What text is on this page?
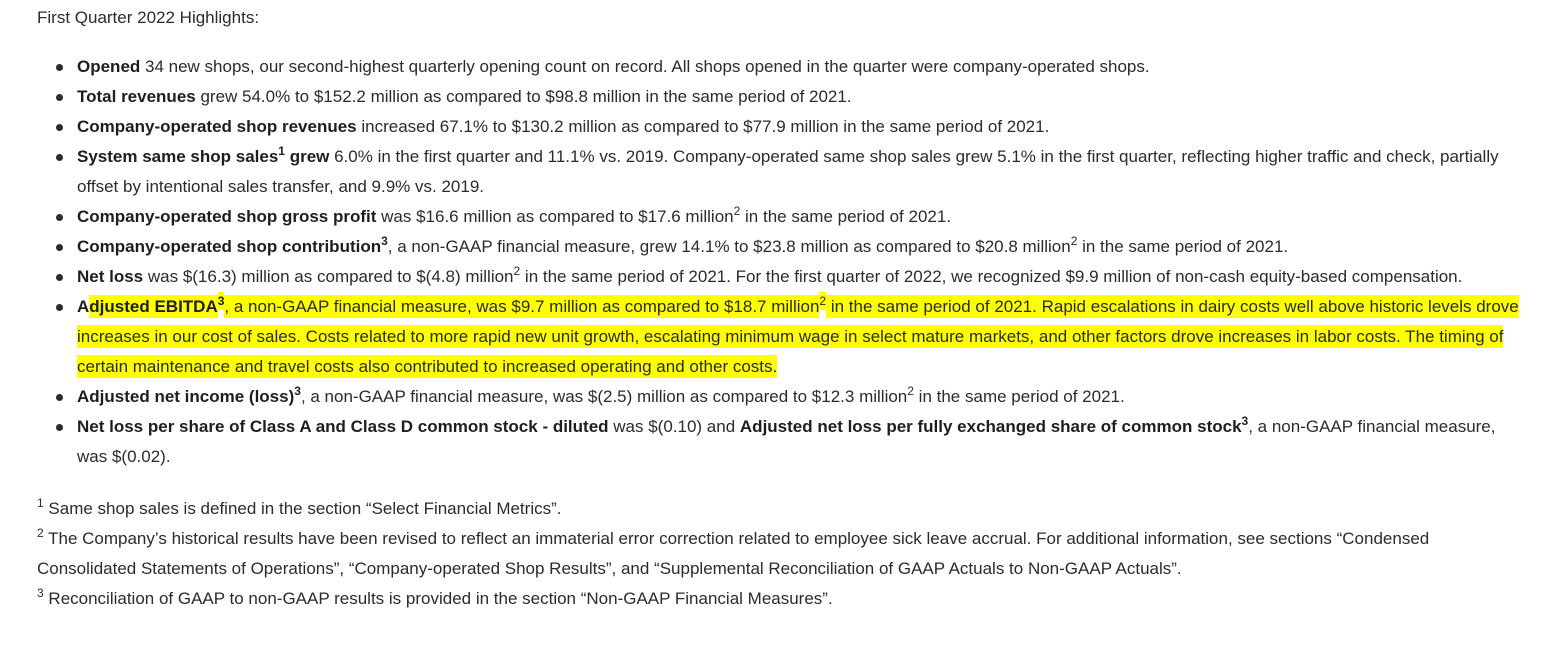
First Quarter 2022 Highlights:
Opened 34 new shops, our second-highest quarterly opening count on record. All shops opened in the quarter were company-operated shops.
Total revenues grew 54.0% to $152.2 million as compared to $98.8 million in the same period of 2021.
Company-operated shop revenues increased 67.1% to $130.2 million as compared to $77.9 million in the same period of 2021.
System same shop sales$^1$ grew 6.0% in the first quarter and 11.1% vs. 2019. Company-operated same shop sales grew 5.1% in the first quarter, reflecting higher traffic and check, partially offset by intentional sales transfer, and 9.9% vs. 2019.
Company-operated shop gross profit was $16.6 million as compared to $17.6 million$^2$ in the same period of 2021.
Company-operated shop contribution$^3$, a non-GAAP financial measure, grew 14.1% to $23.8 million as compared to $20.8 million$^2$ in the same period of 2021.
Net loss was $(16.3) million as compared to $(4.8) million$^2$ in the same period of 2021. For the first quarter of 2022, we recognized $9.9 million of non-cash equity-based compensation.
Adjusted EBITDA$^3$, a non-GAAP financial measure, was $9.7 million as compared to $18.7 million$^2$ in the same period of 2021. Rapid escalations in dairy costs well above historic levels drove increases in our cost of sales. Costs related to more rapid new unit growth, escalating minimum wage in select mature markets, and other factors drove increases in labor costs. The timing of certain maintenance and travel costs also contributed to increased operating and other costs.
Adjusted net income (loss)$^3$, a non-GAAP financial measure, was $(2.5) million as compared to $12.3 million$^2$ in the same period of 2021.
Net loss per share of Class A and Class D common stock - diluted was $(0.10) and Adjusted net loss per fully exchanged share of common stock$^3$, a non-GAAP financial measure, was $(0.02).

$^1$ Same shop sales is defined in the section “Select Financial Metrics”.

$^2$ The Company’s historical results have been revised to reflect an immaterial error correction related to employee sick leave accrual. For additional information, see sections “Condensed Consolidated Statements of Operations”, “Company-operated Shop Results”, and “Supplemental Reconciliation of GAAP Actuals to Non-GAAP Actuals”.

$^3$ Reconciliation of GAAP to non-GAAP results is provided in the section “Non-GAAP Financial Measures”.
